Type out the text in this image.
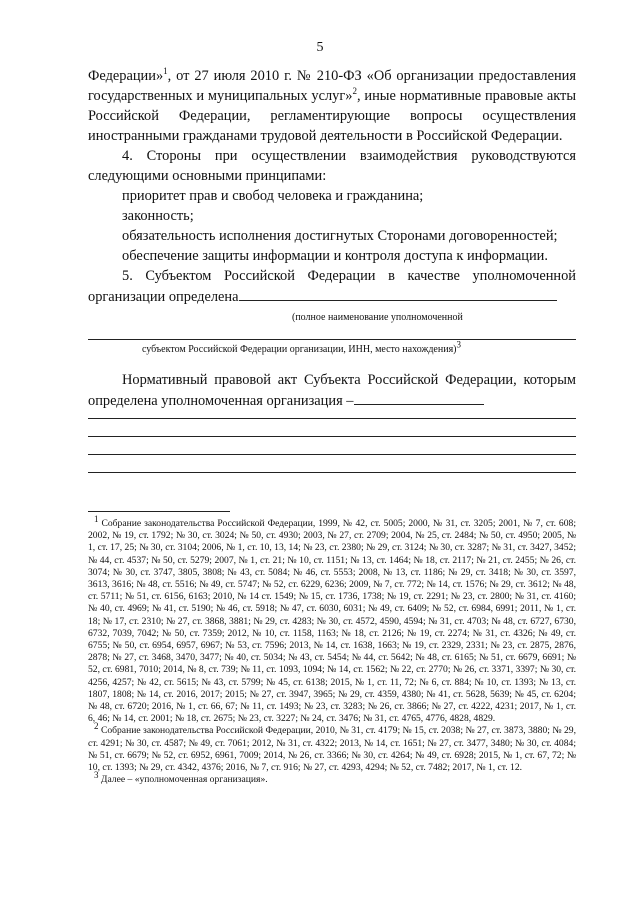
5

Федерации»$^1$, от 27 июля 2010 г. № 210-ФЗ «Об организации предоставления государственных и муниципальных услуг»$^2$, иные нормативные правовые акты Российской Федерации, регламентирующие вопросы осуществления иностранными гражданами трудовой деятельности в Российской Федерации.

4. Стороны при осуществлении взаимодействия руководствуются следующими основными принципами:

приоритет прав и свобод человека и гражданина;

законность;

обязательность исполнения достигнутых Сторонами договоренностей;

обеспечение защиты информации и контроля доступа к информации.

5. Субъектом Российской Федерации в качестве уполномоченной организации определена

(полное наименование уполномоченной
субъектом Российской Федерации организации, ИНН, место нахождения)$^3$

Нормативный правовой акт Субъекта Российской Федерации, которым определена уполномоченная организация –

$^1$ Собрание законодательства Российской Федерации, 1999, № 42, ст. 5005; 2000, № 31, ст. 3205; 2001, № 7, ст. 608; 2002, № 19, ст. 1792; № 30, ст. 3024; № 50, ст. 4930; 2003, № 27, ст. 2709; 2004, № 25, ст. 2484; № 50, ст. 4950; 2005, № 1, ст. 17, 25; № 30, ст. 3104; 2006, № 1, ст. 10, 13, 14; № 23, ст. 2380; № 29, ст. 3124; № 30, ст. 3287; № 31, ст. 3427, 3452; № 44, ст. 4537; № 50, ст. 5279; 2007, № 1, ст. 21; № 10, ст. 1151; № 13, ст. 1464; № 18, ст. 2117; № 21, ст. 2455; № 26, ст. 3074; № 30, ст. 3747, 3805, 3808; № 43, ст. 5084; № 46, ст. 5553; 2008, № 13, ст. 1186; № 29, ст. 3418; № 30, ст. 3597, 3613, 3616; № 48, ст. 5516; № 49, ст. 5747; № 52, ст. 6229, 6236; 2009, № 7, ст. 772; № 14, ст. 1576; № 29, ст. 3612; № 48, ст. 5711; № 51, ст. 6156, 6163; 2010, № 14 ст. 1549; № 15, ст. 1736, 1738; № 19, ст. 2291; № 23, ст. 2800; № 31, ст. 4160; № 40, ст. 4969; № 41, ст. 5190; № 46, ст. 5918; № 47, ст. 6030, 6031; № 49, ст. 6409; № 52, ст. 6984, 6991; 2011, № 1, ст. 18; № 17, ст. 2310; № 27, ст. 3868, 3881; № 29, ст. 4283; № 30, ст. 4572, 4590, 4594; № 31, ст. 4703; № 48, ст. 6727, 6730, 6732, 7039, 7042; № 50, ст. 7359; 2012, № 10, ст. 1158, 1163; № 18, ст. 2126; № 19, ст. 2274; № 31, ст. 4326; № 49, ст. 6755; № 50, ст. 6954, 6957, 6967; № 53, ст. 7596; 2013, № 14, ст. 1638, 1663; № 19, ст. 2329, 2331; № 23, ст. 2875, 2876, 2878; № 27, ст. 3468, 3470, 3477; № 40, ст. 5034; № 43, ст. 5454; № 44, ст. 5642; № 48, ст. 6165; № 51, ст. 6679, 6691; № 52, ст. 6981, 7010; 2014, № 8, ст. 739; № 11, ст. 1093, 1094; № 14, ст. 1562; № 22, ст. 2770; № 26, ст. 3371, 3397; № 30, ст. 4256, 4257; № 42, ст. 5615; № 43, ст. 5799; № 45, ст. 6138; 2015, № 1, ст. 11, 72; № 6, ст. 884; № 10, ст. 1393; № 13, ст. 1807, 1808; № 14, ст. 2016, 2017; 2015; № 27, ст. 3947, 3965; № 29, ст. 4359, 4380; № 41, ст. 5628, 5639; № 45, ст. 6204; № 48, ст. 6720; 2016, № 1, ст. 66, 67; № 11, ст. 1493; № 23, ст. 3283; № 26, ст. 3866; № 27, ст. 4222, 4231; 2017, № 1, ст. 6, 46; № 14, ст. 2001; № 18, ст. 2675; № 23, ст. 3227; № 24, ст. 3476; № 31, ст. 4765, 4776, 4828, 4829.

$^2$ Собрание законодательства Российской Федерации, 2010, № 31, ст. 4179; № 15, ст. 2038; № 27, ст. 3873, 3880; № 29, ст. 4291; № 30, ст. 4587; № 49, ст. 7061; 2012, № 31, ст. 4322; 2013, № 14, ст. 1651; № 27, ст. 3477, 3480; № 30, ст. 4084; № 51, ст. 6679; № 52, ст. 6952, 6961, 7009; 2014, № 26, ст. 3366; № 30, ст. 4264; № 49, ст. 6928; 2015, № 1, ст. 67, 72; № 10, ст. 1393; № 29, ст. 4342, 4376; 2016, № 7, ст. 916; № 27, ст. 4293, 4294; № 52, ст. 7482; 2017, № 1, ст. 12.

$^3$ Далее – «уполномоченная организация».
